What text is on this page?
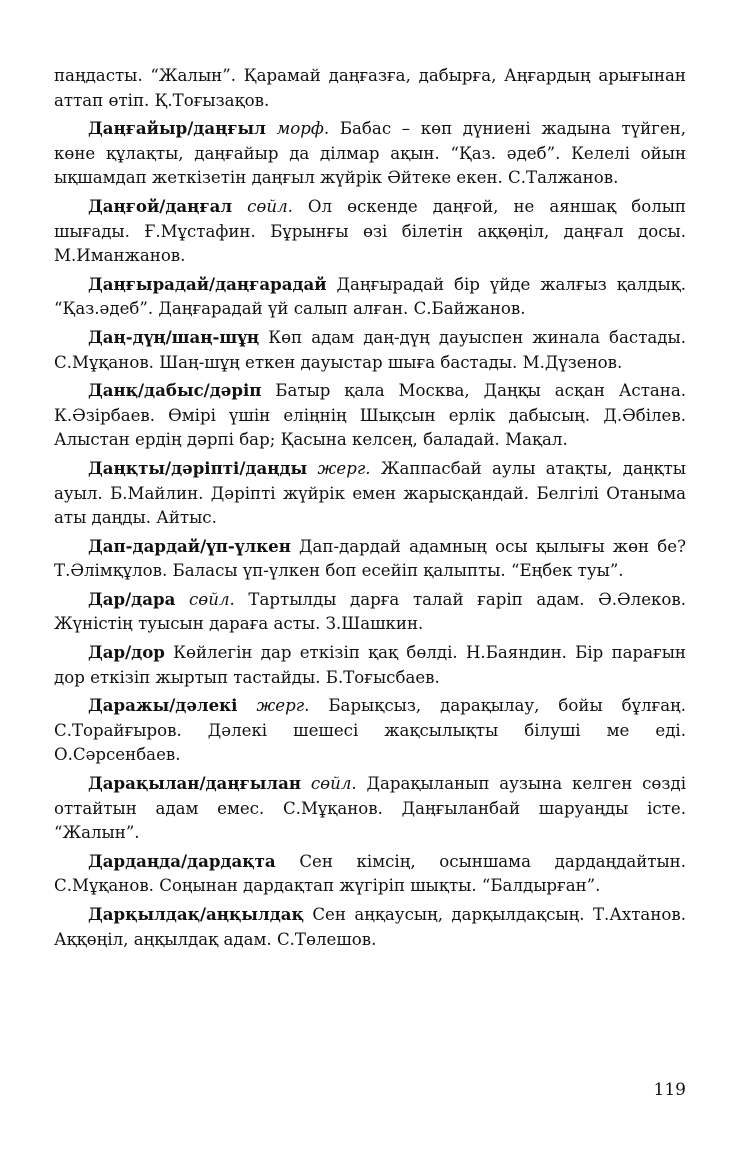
паңдасты. “Жалын”. Қарамай даңғазға, дабырға, Аңғардың арығынан аттап өтіп. Қ.Тоғызақов.

Даңғайыр/даңғыл морф. Бабас – көп дүниені жадына түйген, көне құлақты, даңғайыр да ділмар ақын. “Қаз. әдеб”. Келелі ойын ықшамдап жеткізетін даңғыл жүйрік Әйтеке екен. С.Талжанов.

Даңғой/даңғал сөйл. Ол өскенде даңғой, не аяншақ болып шығады. Ғ.Мұстафин. Бұрынғы өзі білетін аққөңіл, даңғал досы. М.Иманжанов.

Даңғырадай/даңғарадай Даңғырадай бір үйде жалғыз қалдық. “Қаз.әдеб”. Даңғарадай үй салып алған. С.Байжанов.

Даң-дүң/шаң-шұң Көп адам даң-дүң дауыспен жинала бастады. С.Мұқанов. Шаң-шұң еткен дауыстар шыға бастады. М.Дүзенов.

Данқ/дабыс/дәріп Батыр қала Москва, Даңқы асқан Астана. К.Әзірбаев. Өмірі үшін еліңнің Шықсын ерлік дабысың. Д.Әбілев. Алыстан ердің дәрпі бар; Қасына келсең, баладай. Мақал.

Даңқты/дәріпті/даңды жерг. Жаппасбай аулы атақты, даңқты ауыл. Б.Майлин. Дәріпті жүйрік емен жарысқандай. Белгілі Отаныма аты даңды. Айтыс.

Дап-дардай/үп-үлкен Дап-дардай адамның осы қылығы жөн бе? Т.Әлімқұлов. Баласы үп-үлкен боп есейіп қалыпты. “Еңбек туы”.

Дар/дара сөйл. Тартылды дарға талай ғаріп адам. Ә.Әлеков. Жүністің туысын дараға асты. З.Шашкин.

Дар/дор Көйлегін дар еткізіп қақ бөлді. Н.Баяндин. Бір парағын дор еткізіп жыртып тастайды. Б.Тоғысбаев.

Даражы/дәлекі жерг. Барықсыз, дарақылау, бойы бұлғаң. С.Торайғыров. Дәлекі шешесі жақсылықты білуші ме еді. О.Сәрсенбаев.

Дарақылан/даңғылан сөйл. Дарақыланып аузына келген сөзді оттайтын адам емес. С.Мұқанов. Даңғыланбай шаруаңды істе. “Жалын”.

Дардаңда/дардақта Сен кімсің, осыншама дардаңдайтын. С.Мұқанов. Соңынан дардақтап жүгіріп шықты. “Балдырған”.

Дарқылдақ/аңқылдақ Сен аңқаусың, дарқылдақсың. Т.Ахтанов. Аққөңіл, аңқылдақ адам. С.Төлешов.

119
